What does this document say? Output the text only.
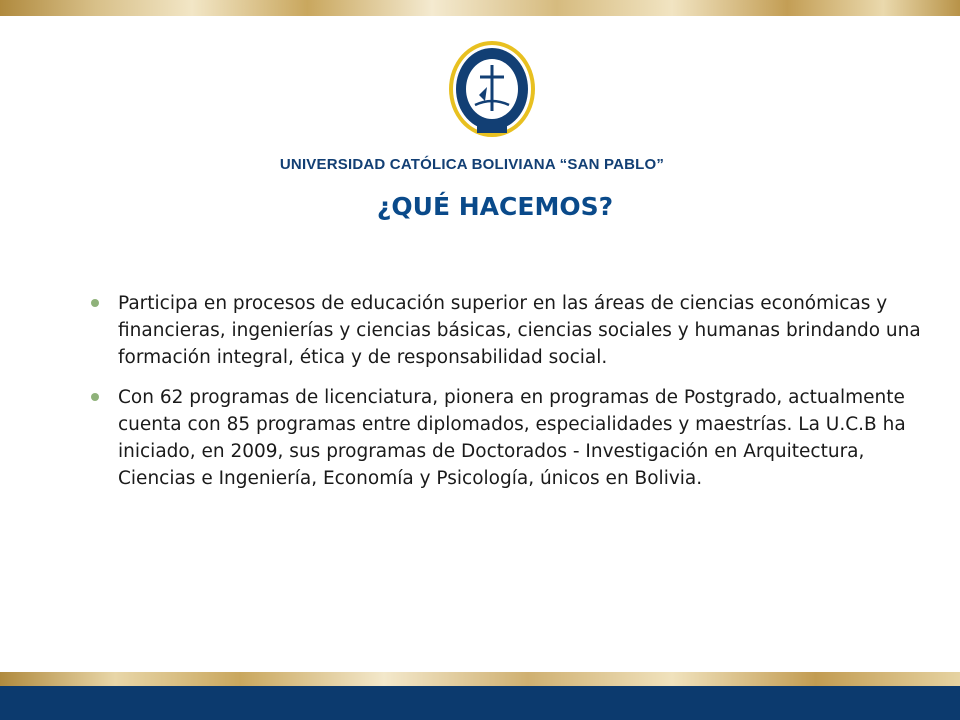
UNIVERSIDAD CATÓLICA BOLIVIANA “SAN PABLO”
¿QUÉ HACEMOS?
Participa en procesos de educación superior en las áreas de ciencias económicas y financieras, ingenierías y ciencias básicas, ciencias sociales y humanas brindando una formación integral, ética y de responsabilidad social.
Con 62 programas de licenciatura, pionera en programas de Postgrado, actualmente cuenta con 85 programas entre diplomados, especialidades y maestrías. La U.C.B ha iniciado, en 2009, sus programas de Doctorados - Investigación en Arquitectura, Ciencias e Ingeniería, Economía y Psicología, únicos en Bolivia.
